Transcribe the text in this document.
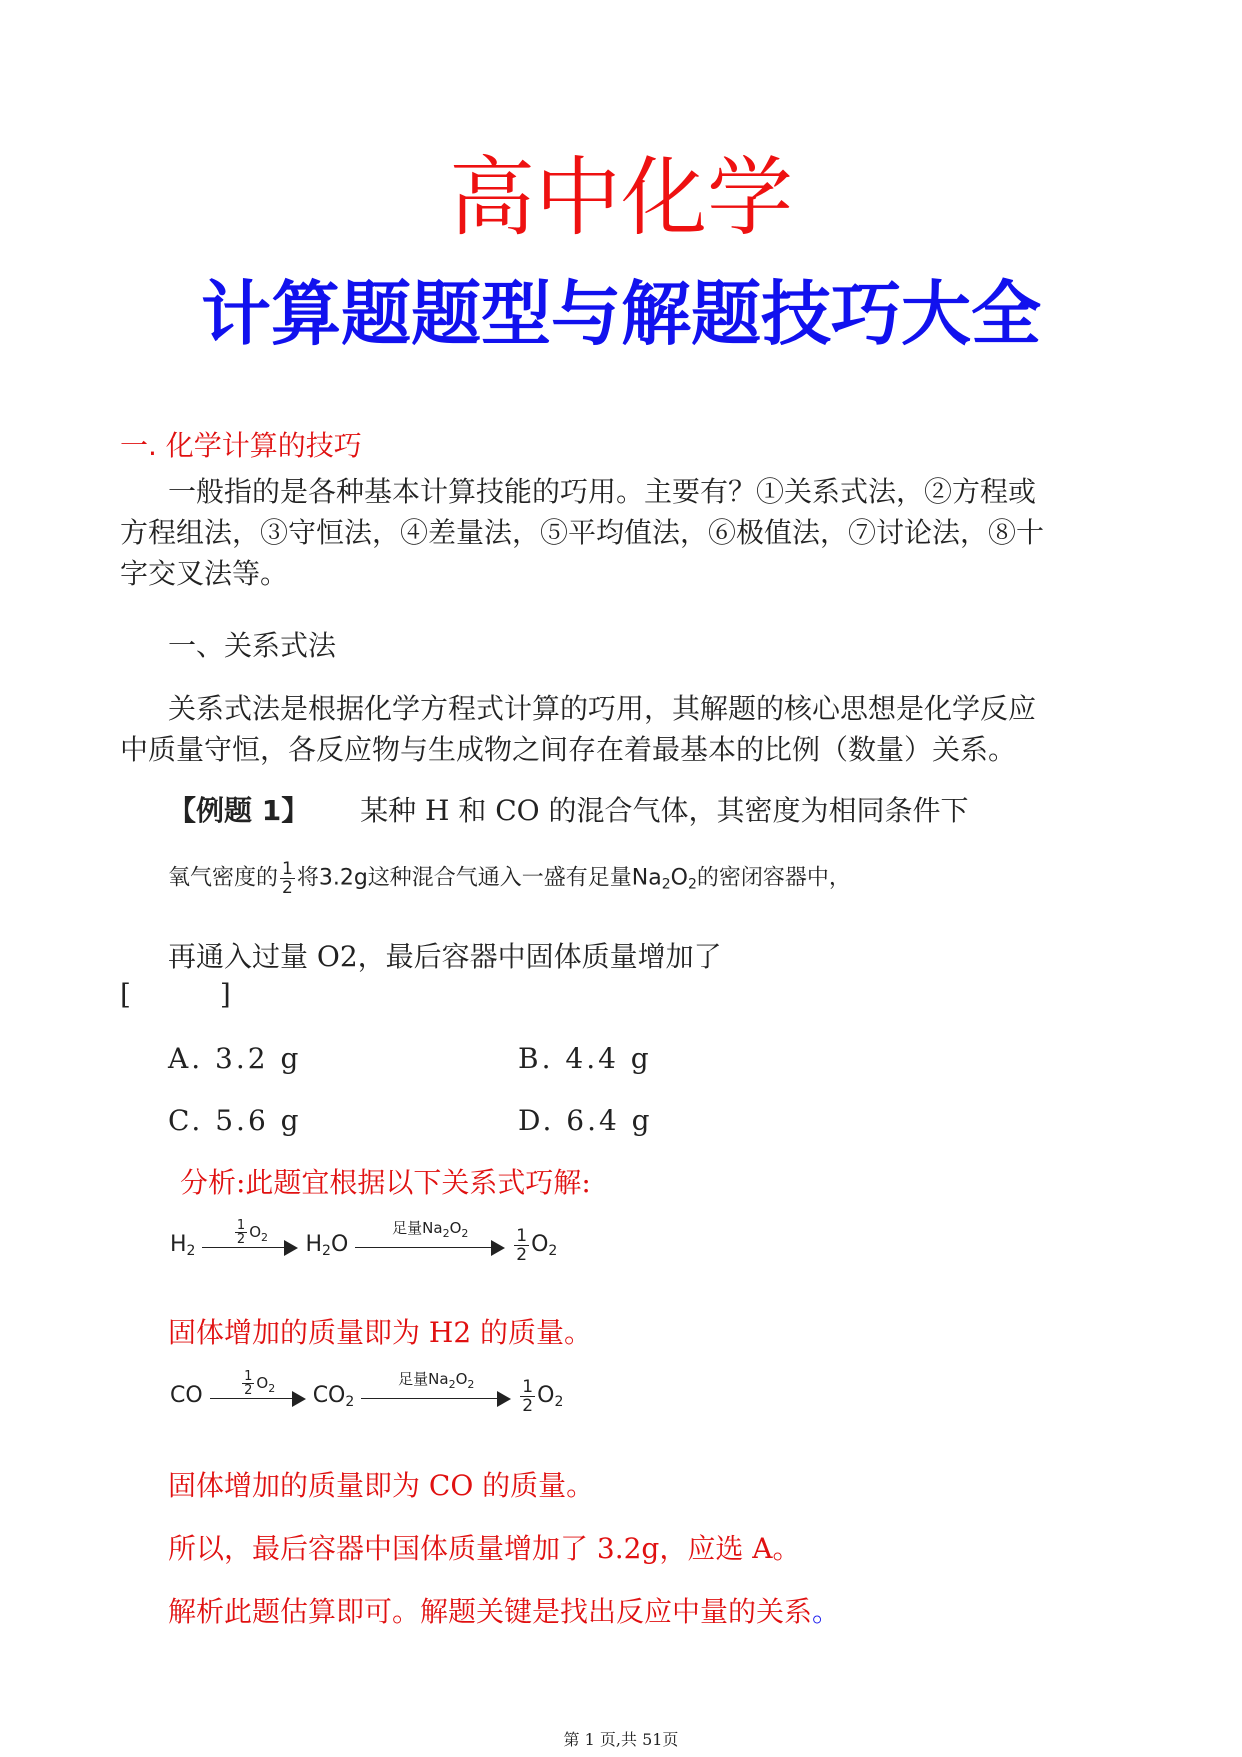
高中化学
计算题题型与解题技巧大全
一. 化学计算的技巧
一般指的是各种基本计算技能的巧用。主要有？①关系式法，②方程或
方程组法，③守恒法，④差量法，⑤平均值法，⑥极值法，⑦讨论法，⑧十
字交叉法等。
一、关系式法
关系式法是根据化学方程式计算的巧用，其解题的核心思想是化学反应
中质量守恒，各反应物与生成物之间存在着最基本的比例（数量）关系。
【例题 1】 某种 H 和 CO 的混合气体，其密度为相同条件下
氧气密度的 $\frac{1}{2}$ 将3.2g这种混合气通入一盛有足量$Na_2O_2$的密闭容器中，
再通入过量 O2，最后容器中固体质量增加了
[          ]
A. 3.2 g	B. 4.4 g
C. 5.6 g	D. 6.4 g
分析:此题宜根据以下关系式巧解:
$H_2$
$\frac{1}{2} O_2$	$H_2O$
足量$Na_2O_2$
	$\frac{1}{2} O_2$
固体增加的质量即为 H2 的质量。
CO	$\frac{1}{2} O_2$	$CO_2$
足量$Na_2O_2$
	$\frac{1}{2} O_2$
固体增加的质量即为 CO 的质量。
所以，最后容器中国体质量增加了 3.2g，应选 A。
解析此题估算即可。解题关键是找出反应中量的关系。
第 1 页,共 51页
